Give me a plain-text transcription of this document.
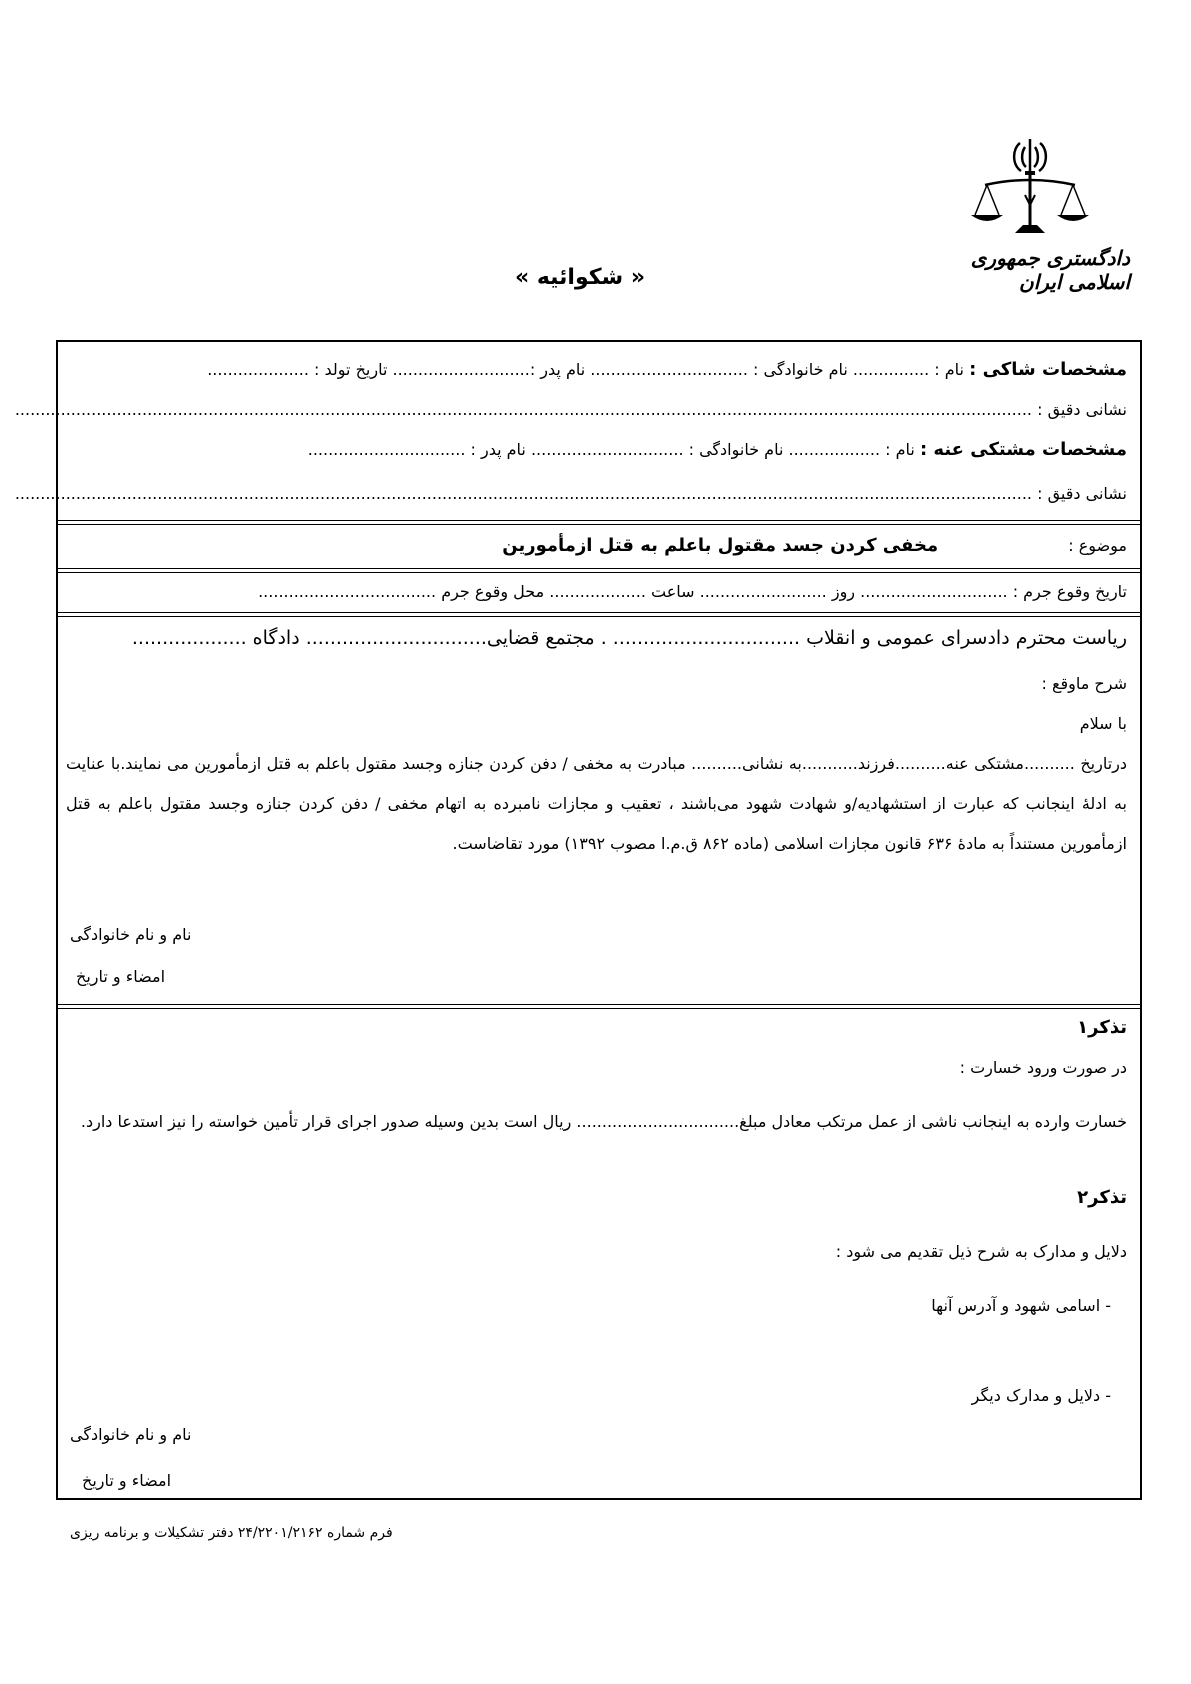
دادگستری جمهوری اسلامی ایران
« شکوائیه »
مشخصات شاکی : نام : ............... نام خانوادگی : ............................... نام پدر :........................... تاریخ تولد : ....................
نشانی دقیق : ........................................................................................................................................................................................................
مشخصات مشتکی عنه : نام : .................. نام خانوادگی : .............................. نام پدر : ...............................
نشانی دقیق : ........................................................................................................................................................................................................
موضوع :  مخفی کردن جسد مقتول باعلم به قتل ازمأمورین
تاریخ وقوع جرم : ............................. روز ......................... ساعت ................... محل وقوع جرم ...................................
ریاست محترم دادسرای عمومی و انقلاب ............................... . مجتمع قضایی.............................. دادگاه ...................
شرح ماوقع :
با سلام
درتاریخ ..........مشتکی عنه..........فرزند...........به نشانی.......... مبادرت به مخفی / دفن کردن جنازه وجسد مقتول باعلم به قتل ازمأمورین می نمایند.با عنایت به ادلهٔ اینجانب که عبارت از استشهادیه/و شهادت شهود می‌باشند ، تعقیب و مجازات نامبرده به اتهام مخفی / دفن کردن جنازه وجسد مقتول باعلم به قتل ازمأمورین مستنداً به مادهٔ ۶۳۶ قانون مجازات اسلامی (ماده ۸۶۲ ق.م.ا مصوب ۱۳۹۲) مورد تقاضاست.
نام و نام خانوادگی
امضاء و تاریخ
تذکر۱
در صورت ورود خسارت :
خسارت وارده به اینجانب ناشی از عمل مرتکب معادل مبلغ................................ ریال است بدین وسیله صدور اجرای قرار تأمین خواسته را نیز استدعا دارد.
تذکر۲
دلایل و مدارک به شرح ذیل تقدیم می شود :
- اسامی شهود و آدرس آنها
- دلایل و مدارک دیگر
نام و نام خانوادگی
امضاء و تاریخ
فرم شماره ۲۴/۲۲۰۱/۲۱۶۲ دفتر تشکیلات و برنامه ریزی
